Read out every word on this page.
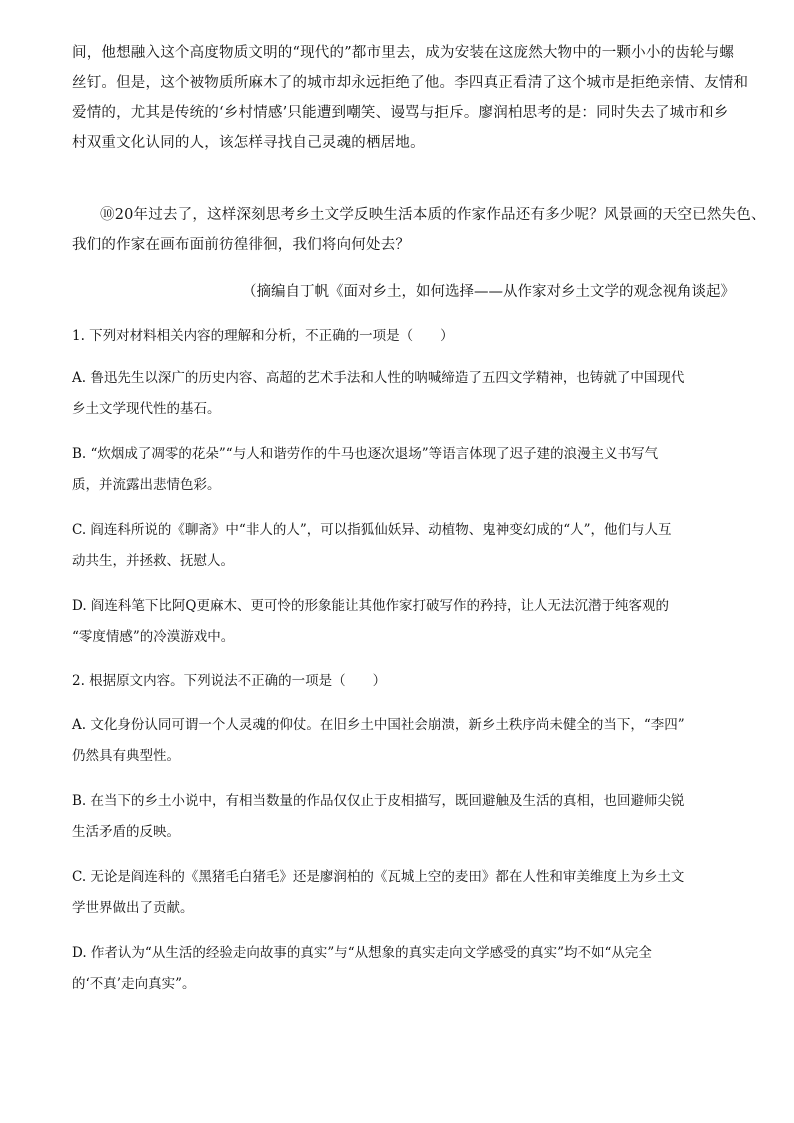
间，他想融入这个高度物质文明的“现代的”都市里去，成为安装在这庞然大物中的一颗小小的齿轮与螺
丝钉。但是，这个被物质所麻木了的城市却永远拒绝了他。李四真正看清了这个城市是拒绝亲情、友情和
爱情的，尤其是传统的‘乡村情感’只能遭到嘲笑、谩骂与拒斥。廖润柏思考的是：同时失去了城市和乡
村双重文化认同的人，该怎样寻找自己灵魂的栖居地。
⑩20年过去了，这样深刻思考乡土文学反映生活本质的作家作品还有多少呢？风景画的天空已然失色、
我们的作家在画布面前彷徨徘徊，我们将向何处去？
（摘编自丁帆《面对乡土，如何选择——从作家对乡土文学的观念视角谈起》
1. 下列对材料相关内容的理解和分析，不正确的一项是（　　）
A. 鲁迅先生以深广的历史内容、高超的艺术手法和人性的呐喊缔造了五四文学精神，也铸就了中国现代
乡土文学现代性的基石。
B. “炊烟成了凋零的花朵”“与人和谐劳作的牛马也逐次退场”等语言体现了迟子建的浪漫主义书写气
质，并流露出悲情色彩。
C. 阎连科所说的《聊斋》中“非人的人”，可以指狐仙妖异、动植物、鬼神变幻成的“人”，他们与人互
动共生，并拯救、抚慰人。
D. 阎连科笔下比阿Q更麻木、更可怜的形象能让其他作家打破写作的矜持，让人无法沉潜于纯客观的
“零度情感”的冷漠游戏中。
2. 根据原文内容。下列说法不正确的一项是（　　）
A. 文化身份认同可谓一个人灵魂的仰仗。在旧乡土中国社会崩溃，新乡土秩序尚未健全的当下，“李四”
仍然具有典型性。
B. 在当下的乡土小说中，有相当数量的作品仅仅止于皮相描写，既回避触及生活的真相，也回避师尖锐
生活矛盾的反映。
C. 无论是阎连科的《黑猪毛白猪毛》还是廖润柏的《瓦城上空的麦田》都在人性和审美维度上为乡土文
学世界做出了贡献。
D. 作者认为“从生活的经验走向故事的真实”与“从想象的真实走向文学感受的真实”均不如“从完全
的‘不真’走向真实”。
